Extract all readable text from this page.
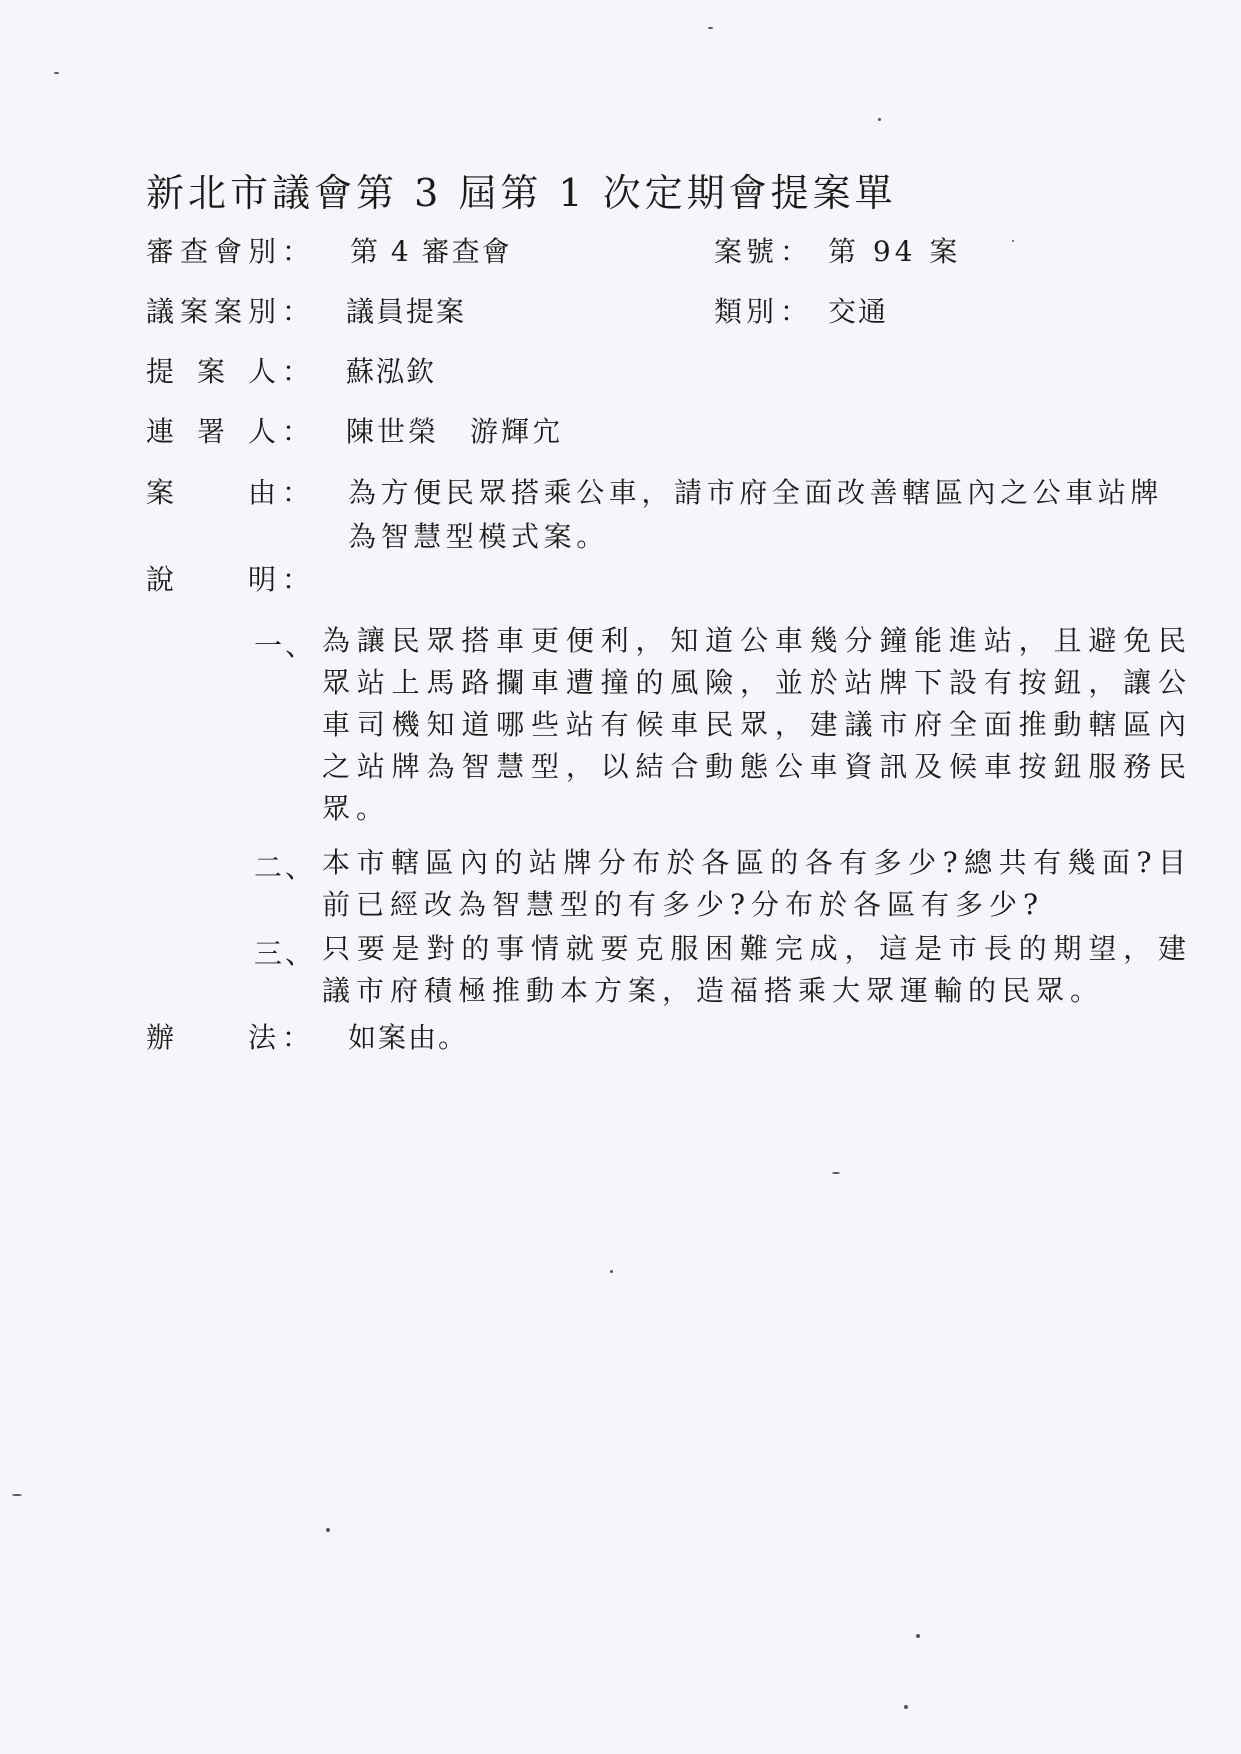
新北市議會第 3 屆第 1 次定期會提案單
審查會別 ： 第 4 審查會	案號 ： 第 94 案
議案案別 ： 議員提案	類別 ： 交通
提 案 人 ： 蘇泓欽
連 署 人 ： 陳世榮　游輝宂
案	由 ： 為方便民眾搭乘公車，請市府全面改善轄區內之公車站牌
為智慧型模式案。
說	明 ：
一、 為讓民眾搭車更便利，知道公車幾分鐘能進站，且避免民眾站上馬路攔車遭撞的風險，並於站牌下設有按鈕，讓公車司機知道哪些站有候車民眾，建議市府全面推動轄區內之站牌為智慧型，以結合動態公車資訊及候車按鈕服務民眾。
二、 本市轄區內的站牌分布於各區的各有多少?總共有幾面?目前已經改為智慧型的有多少?分布於各區有多少?
三、 只要是對的事情就要克服困難完成，這是市長的期望，建議市府積極推動本方案，造福搭乘大眾運輸的民眾。
辦	法 ： 如案由。
